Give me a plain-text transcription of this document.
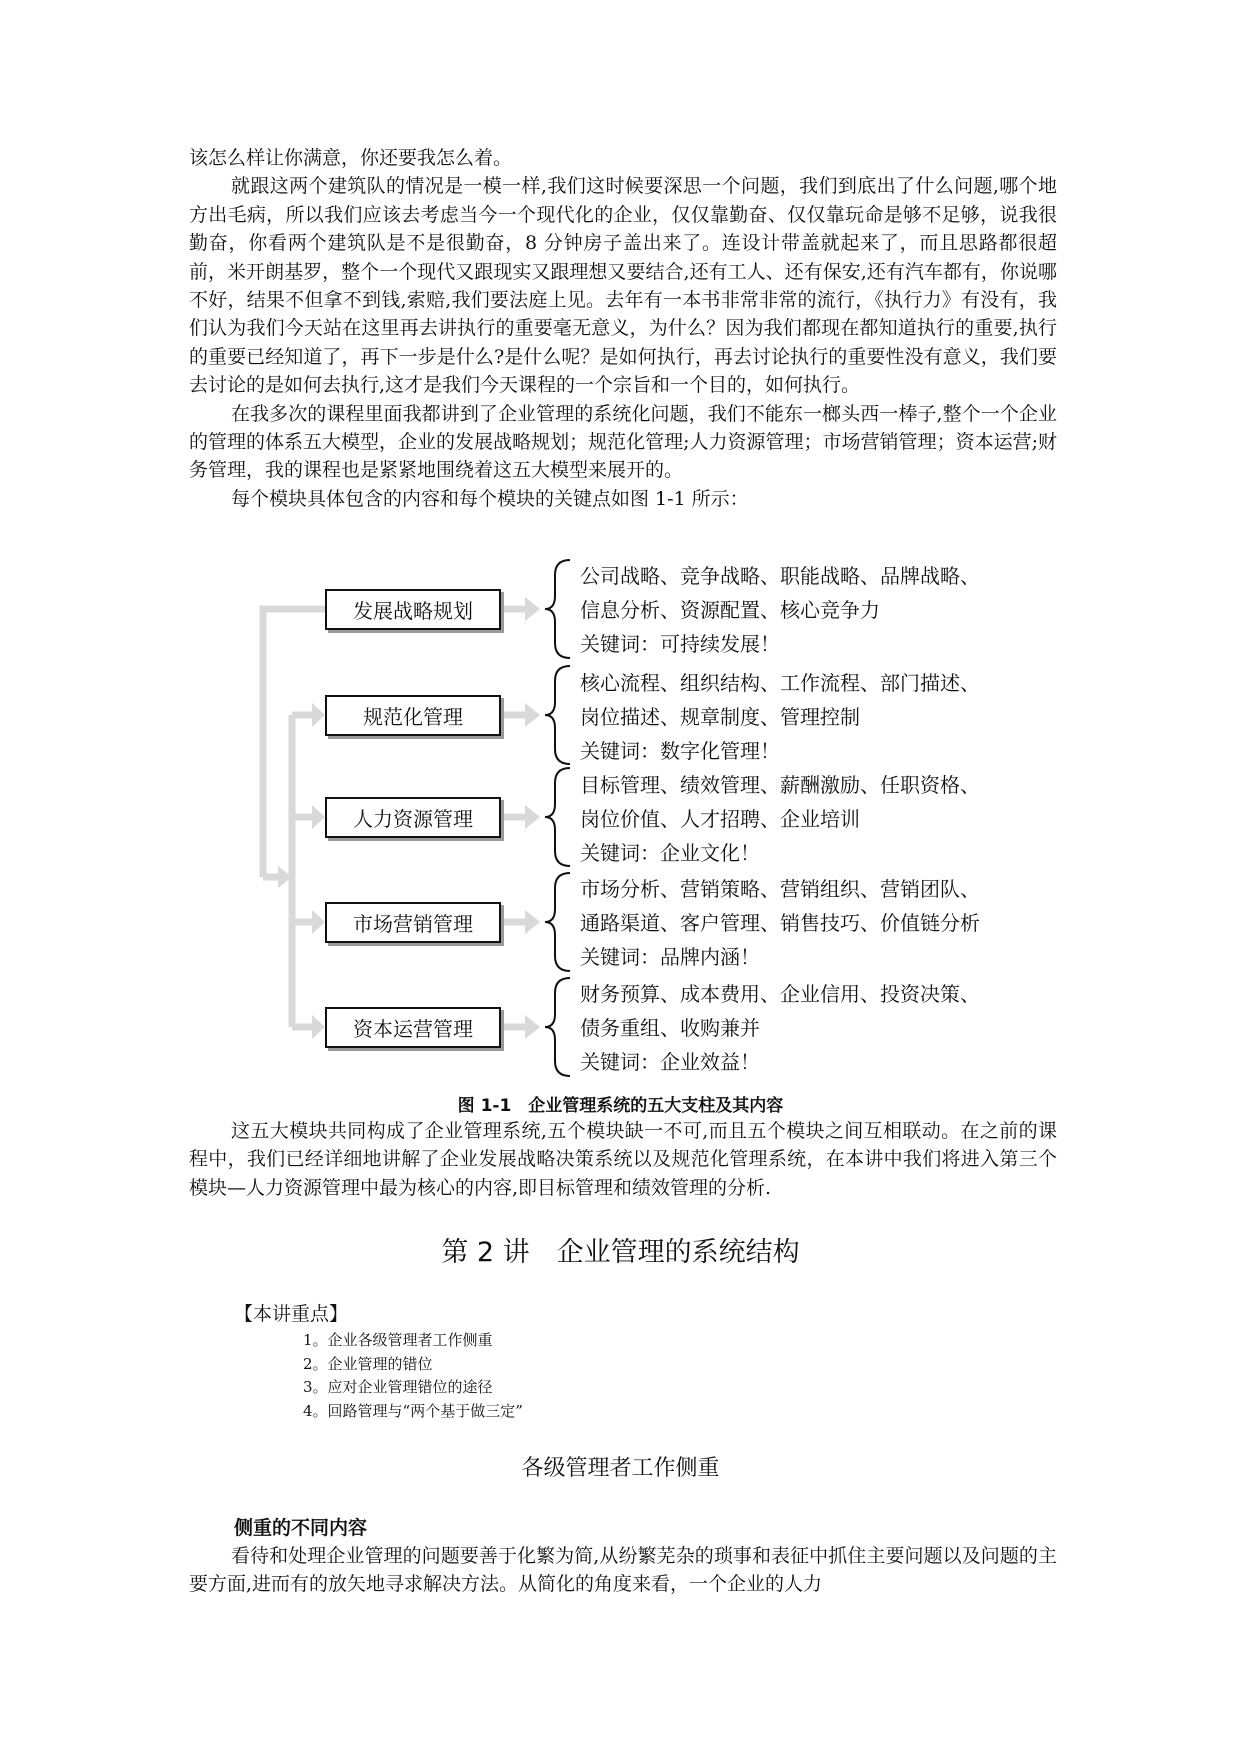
该怎么样让你满意，你还要我怎么着。

就跟这两个建筑队的情况是一模一样,我们这时候要深思一个问题，我们到底出了什么问题,哪个地方出毛病，所以我们应该去考虑当今一个现代化的企业，仅仅靠勤奋、仅仅靠玩命是够不足够，说我很勤奋，你看两个建筑队是不是很勤奋，8 分钟房子盖出来了。连设计带盖就起来了，而且思路都很超前，米开朗基罗，整个一个现代又跟现实又跟理想又要结合,还有工人、还有保安,还有汽车都有，你说哪不好，结果不但拿不到钱,索赔,我们要法庭上见。去年有一本书非常非常的流行，《执行力》有没有，我们认为我们今天站在这里再去讲执行的重要毫无意义，为什么？因为我们都现在都知道执行的重要,执行的重要已经知道了，再下一步是什么?是什么呢？是如何执行，再去讨论执行的重要性没有意义，我们要去讨论的是如何去执行,这才是我们今天课程的一个宗旨和一个目的，如何执行。

在我多次的课程里面我都讲到了企业管理的系统化问题，我们不能东一榔头西一棒子,整个一个企业的管理的体系五大模型，企业的发展战略规划；规范化管理;人力资源管理；市场营销管理；资本运营;财务管理，我的课程也是紧紧地围绕着这五大模型来展开的。

每个模块具体包含的内容和每个模块的关键点如图 1-1 所示：

发展战略规划
规范化管理
人力资源管理
市场营销管理
资本运营管理
公司战略、竞争战略、职能战略、品牌战略、
信息分析、资源配置、核心竞争力
关键词：可持续发展！
核心流程、组织结构、工作流程、部门描述、
岗位描述、规章制度、管理控制
关键词：数字化管理！
目标管理、绩效管理、薪酬激励、任职资格、
岗位价值、人才招聘、企业培训
关键词：企业文化！
市场分析、营销策略、营销组织、营销团队、
通路渠道、客户管理、销售技巧、价值链分析
关键词：品牌内涵！
财务预算、成本费用、企业信用、投资决策、
债务重组、收购兼并
关键词：企业效益！
图 1-1　企业管理系统的五大支柱及其内容

这五大模块共同构成了企业管理系统,五个模块缺一不可,而且五个模块之间互相联动。在之前的课程中，我们已经详细地讲解了企业发展战略决策系统以及规范化管理系统，在本讲中我们将进入第三个模块—人力资源管理中最为核心的内容,即目标管理和绩效管理的分析.

第 2 讲　企业管理的系统结构
【本讲重点】
1。企业各级管理者工作侧重
2。企业管理的错位
3。应对企业管理错位的途径
4。回路管理与“两个基于做三定”
各级管理者工作侧重
侧重的不同内容

看待和处理企业管理的问题要善于化繁为简,从纷繁芜杂的琐事和表征中抓住主要问题以及问题的主要方面,进而有的放矢地寻求解决方法。从简化的角度来看，一个企业的人力
